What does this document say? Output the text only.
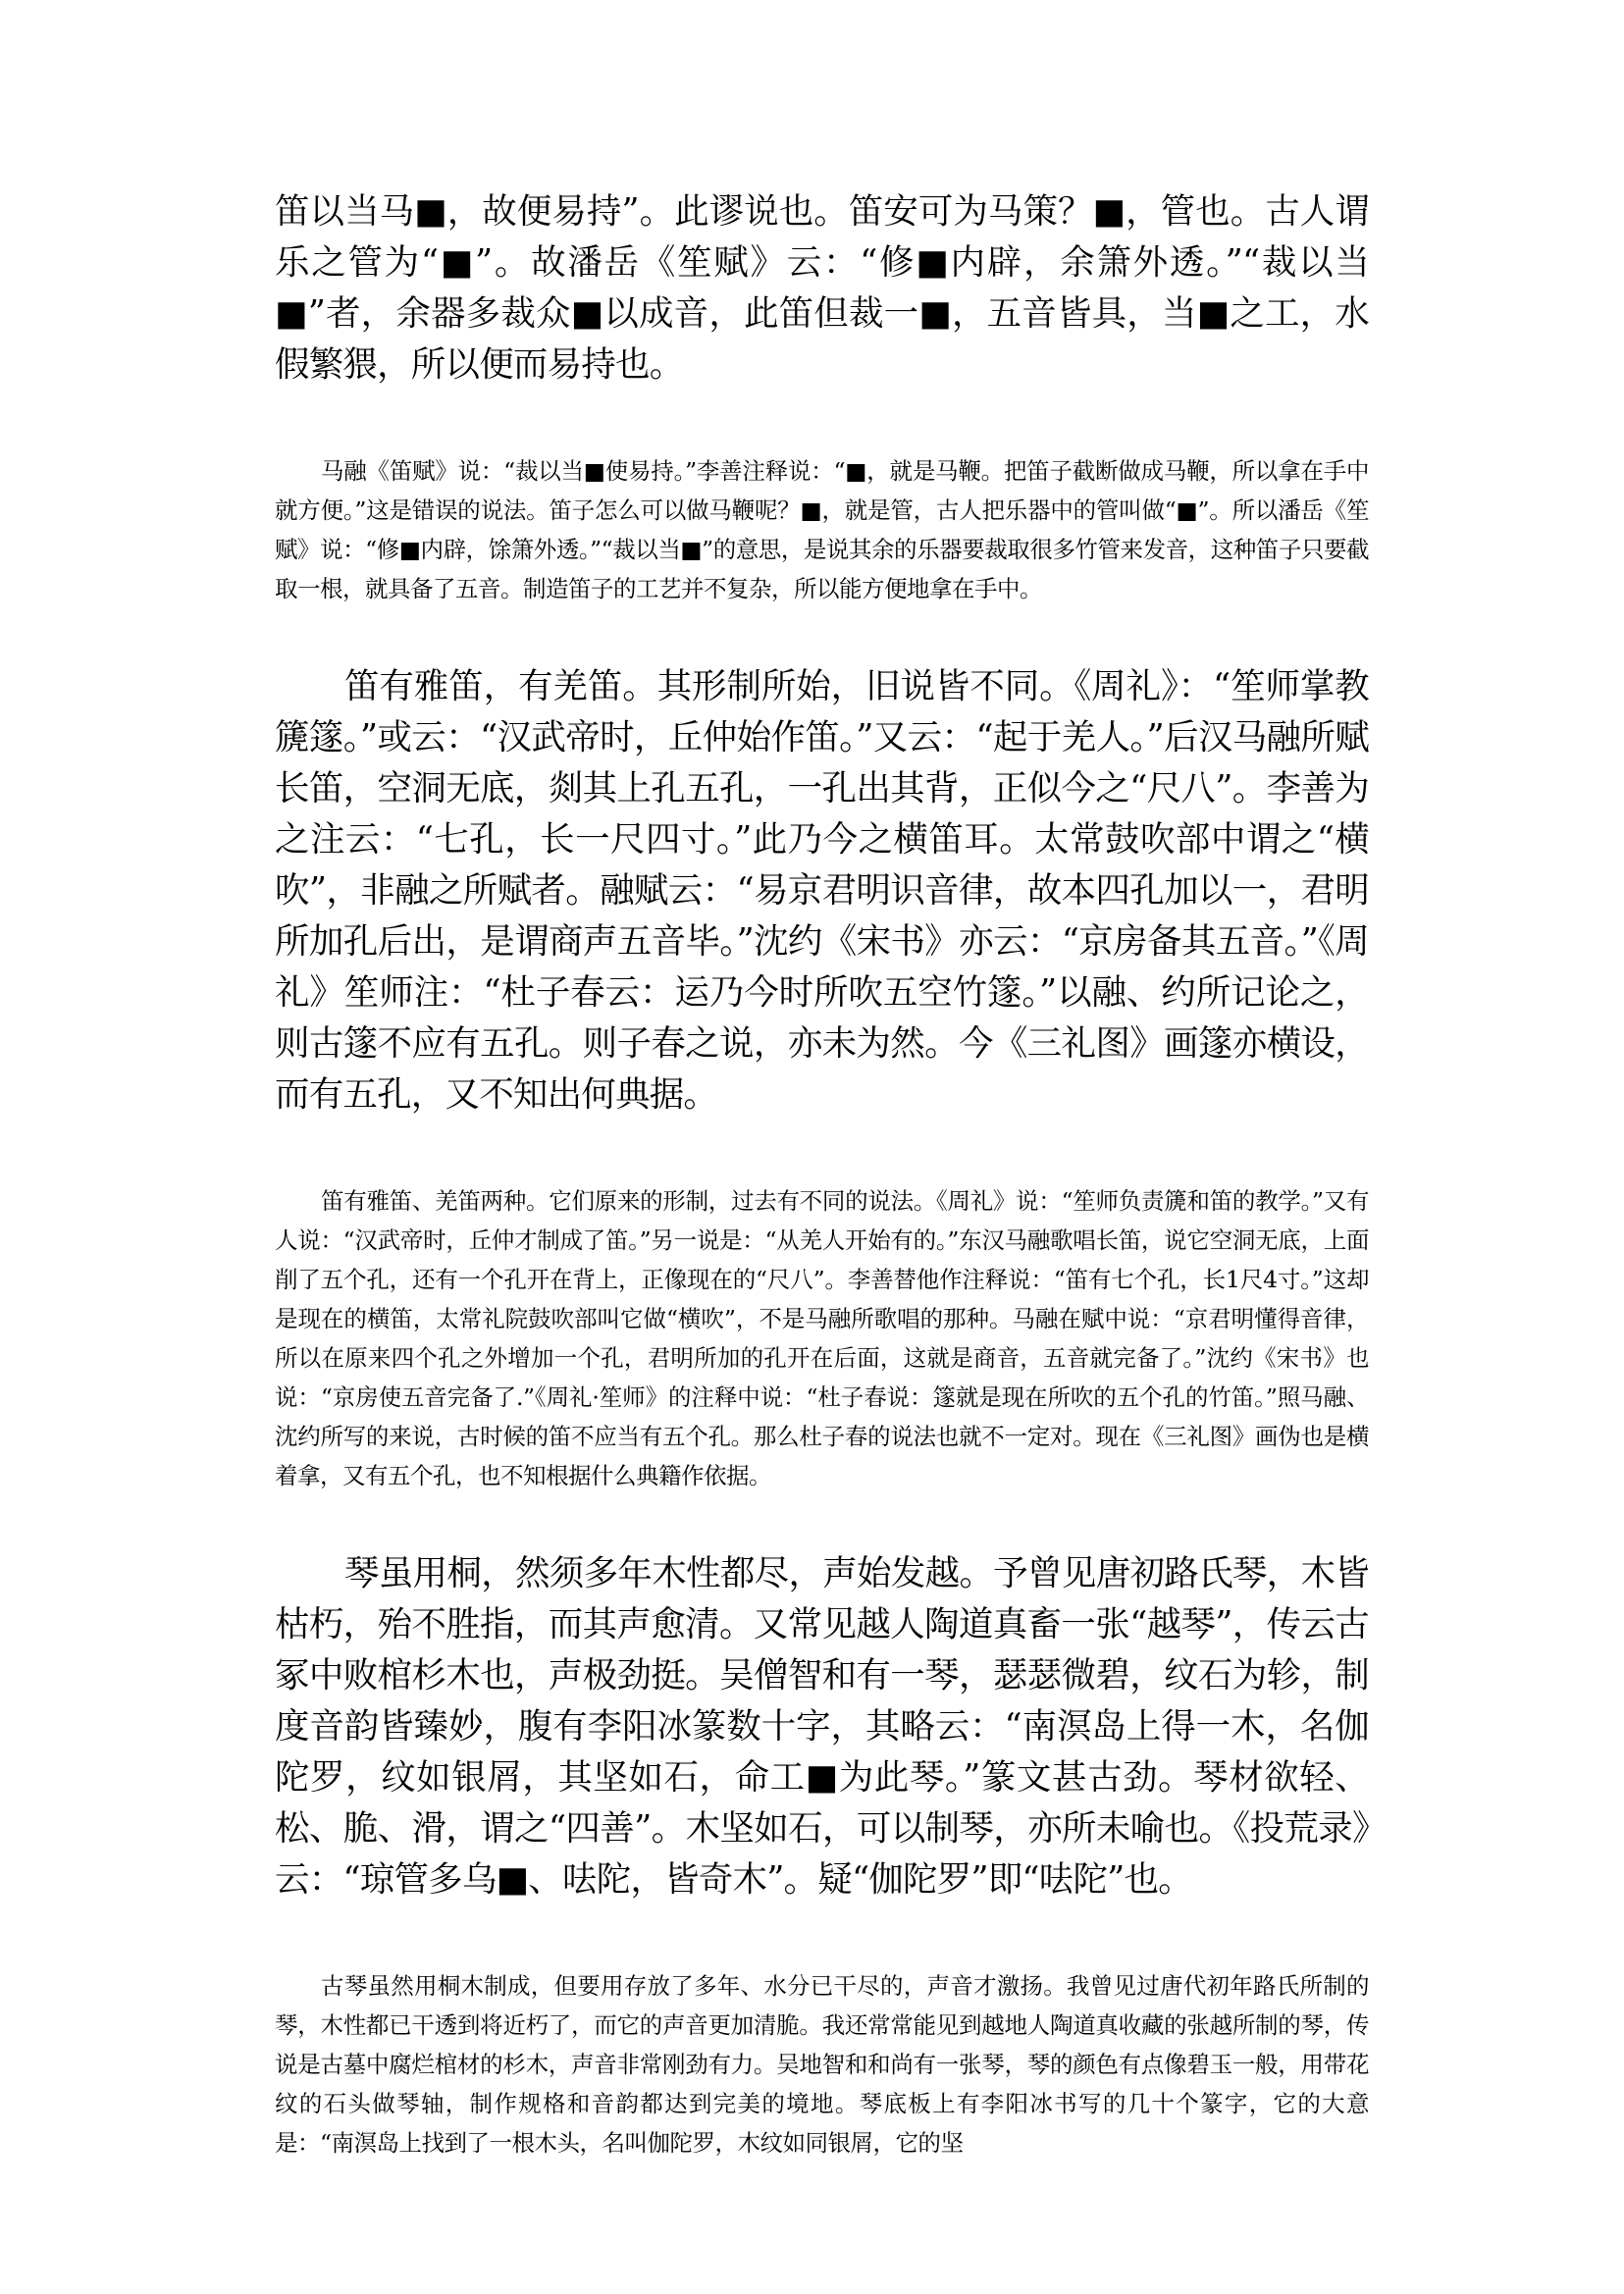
笛以当马■，故便易持”。此谬说也。笛安可为马策？■，管也。古人谓乐之管为“■”。故潘岳《笙赋》云：“修■内辟，余箫外透。”“裁以当■”者，余器多裁众■以成音，此笛但裁一■，五音皆具，当■之工，水假繁猥，所以便而易持也。

马融《笛赋》说：“裁以当■使易持。”李善注释说：“■，就是马鞭。把笛子截断做成马鞭，所以拿在手中就方便。”这是错误的说法。笛子怎么可以做马鞭呢？■，就是管，古人把乐器中的管叫做“■”。所以潘岳《笙赋》说：“修■内辟，馀箫外透。”“裁以当■”的意思，是说其余的乐器要裁取很多竹管来发音，这种笛子只要截取一根，就具备了五音。制造笛子的工艺并不复杂，所以能方便地拿在手中。

笛有雅笛，有羌笛。其形制所始，旧说皆不同。《周礼》：“笙师掌教篪篴。”或云：“汉武帝时，丘仲始作笛。”又云：“起于羌人。”后汉马融所赋长笛，空洞无底，剡其上孔五孔，一孔出其背，正似今之“尺八”。李善为之注云：“七孔，长一尺四寸。”此乃今之横笛耳。太常鼓吹部中谓之“横吹”，非融之所赋者。融赋云：“易京君明识音律，故本四孔加以一，君明所加孔后出，是谓商声五音毕。”沈约《宋书》亦云：“京房备其五音。”《周礼》笙师注：“杜子春云：运乃今时所吹五空竹篴。”以融、约所记论之，则古篴不应有五孔。则子春之说，亦未为然。今《三礼图》画篴亦横设，而有五孔，又不知出何典据。

笛有雅笛、羌笛两种。它们原来的形制，过去有不同的说法。《周礼》说：“笙师负责篪和笛的教学。”又有人说：“汉武帝时，丘仲才制成了笛。”另一说是：“从羌人开始有的。”东汉马融歌唱长笛，说它空洞无底，上面削了五个孔，还有一个孔开在背上，正像现在的“尺八”。李善替他作注释说：“笛有七个孔，长1尺4寸。”这却是现在的横笛，太常礼院鼓吹部叫它做“横吹”，不是马融所歌唱的那种。马融在赋中说：“京君明懂得音律，所以在原来四个孔之外增加一个孔，君明所加的孔开在后面，这就是商音，五音就完备了。”沈约《宋书》也说：“京房使五音完备了.”《周礼·笙师》的注释中说：“杜子春说：篴就是现在所吹的五个孔的竹笛。”照马融、沈约所写的来说，古时候的笛不应当有五个孔。那么杜子春的说法也就不一定对。现在《三礼图》画伪也是横着拿，又有五个孔，也不知根据什么典籍作依据。

琴虽用桐，然须多年木性都尽，声始发越。予曾见唐初路氏琴，木皆枯朽，殆不胜指，而其声愈清。又常见越人陶道真畜一张“越琴”，传云古冢中败棺杉木也，声极劲挺。吴僧智和有一琴，瑟瑟微碧，纹石为轸，制度音韵皆臻妙，腹有李阳冰篆数十字，其略云：“南溟岛上得一木，名伽陀罗，纹如银屑，其坚如石，命工■为此琴。”篆文甚古劲。琴材欲轻、松、脆、滑，谓之“四善”。木坚如石，可以制琴，亦所未喻也。《投荒录》云：“琼管多乌■、呿陀，皆奇木”。疑“伽陀罗”即“呿陀”也。

古琴虽然用桐木制成，但要用存放了多年、水分已干尽的，声音才激扬。我曾见过唐代初年路氏所制的琴，木性都已干透到将近朽了，而它的声音更加清脆。我还常常能见到越地人陶道真收藏的张越所制的琴，传说是古墓中腐烂棺材的杉木，声音非常刚劲有力。吴地智和和尚有一张琴，琴的颜色有点像碧玉一般，用带花纹的石头做琴轴，制作规格和音韵都达到完美的境地。琴底板上有李阳冰书写的几十个篆字，它的大意是：“南溟岛上找到了一根木头，名叫伽陀罗，木纹如同银屑，它的坚
